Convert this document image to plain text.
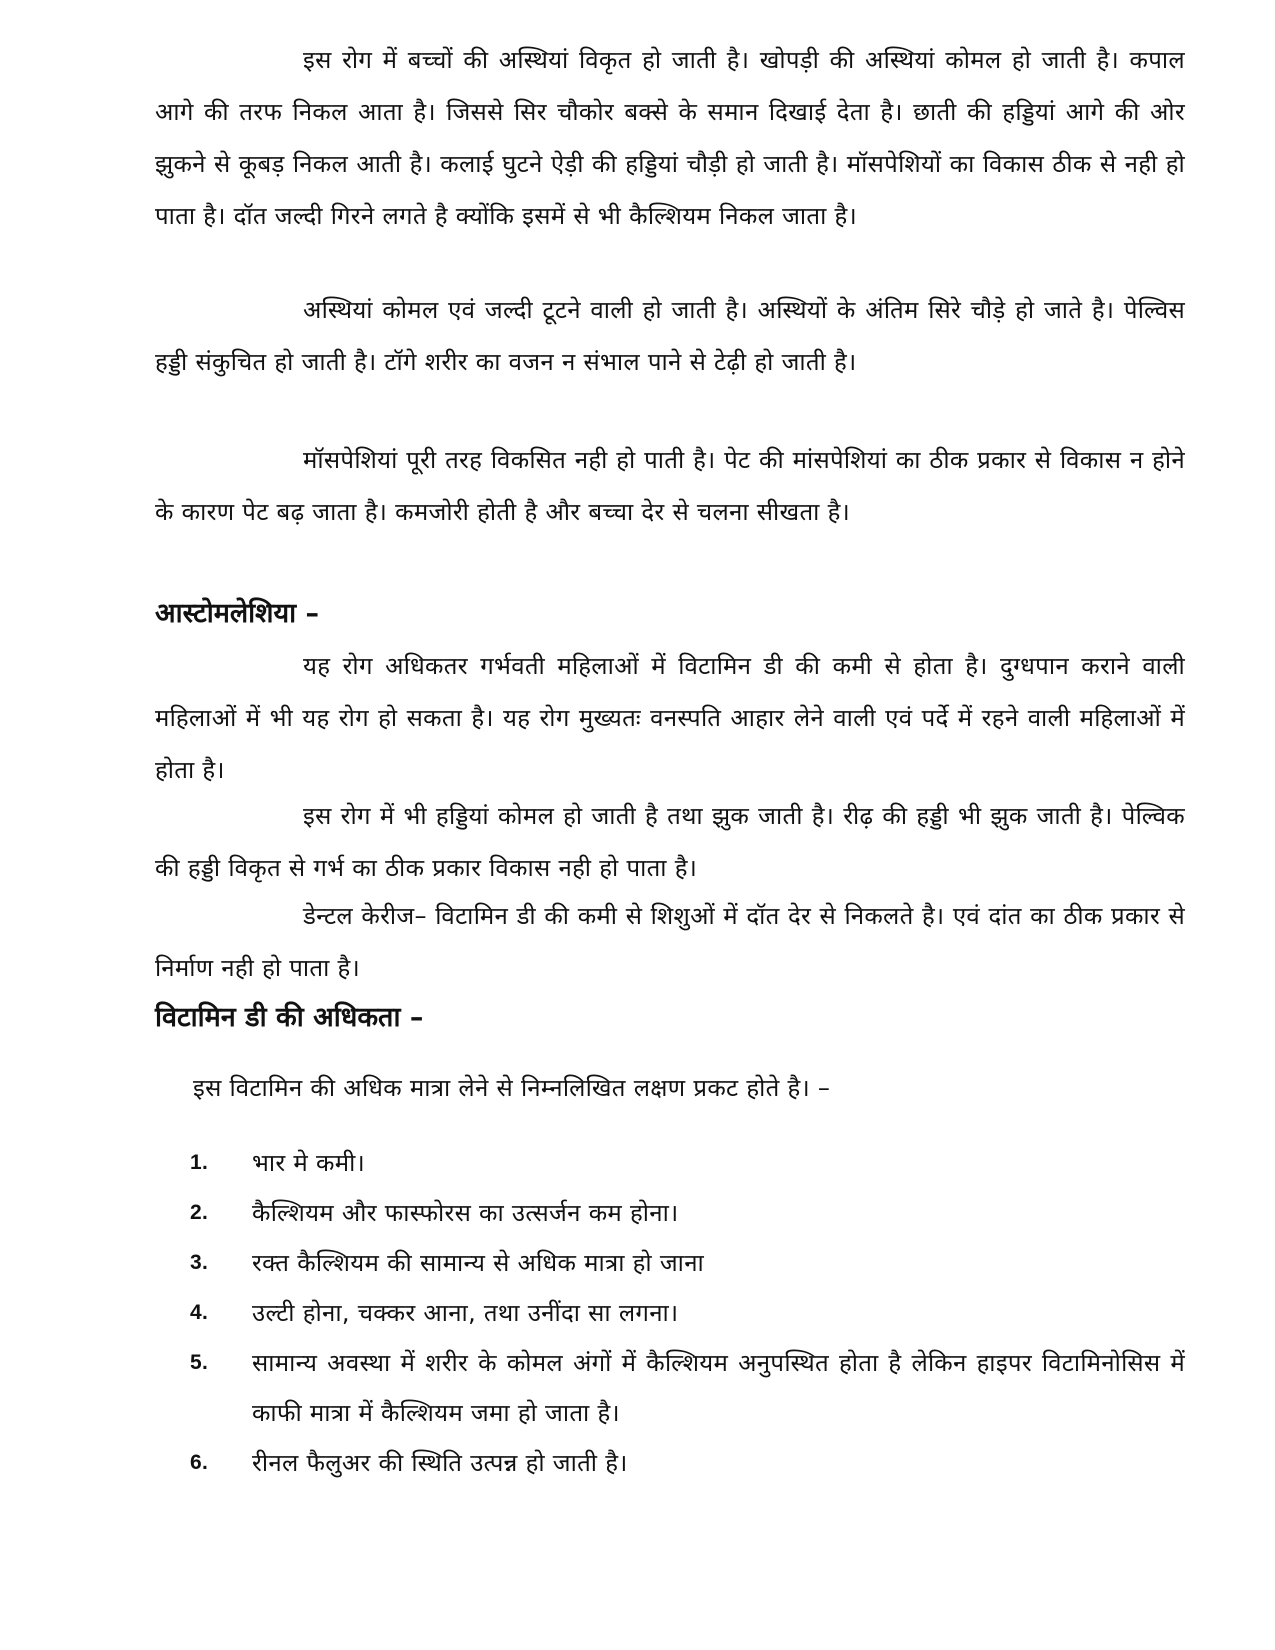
इस रोग में बच्चों की अस्थियां विकृत हो जाती है। खोपड़ी की अस्थियां कोमल हो जाती है। कपाल आगे की तरफ निकल आता है। जिससे सिर चौकोर बक्से के समान दिखाई देता है। छाती की हड्डियां आगे की ओर झुकने से कूबड़ निकल आती है। कलाई घुटने ऐड़ी की हड्डियां चौड़ी हो जाती है। मॉसपेशियों का विकास ठीक से नही हो पाता है। दॉत जल्दी गिरने लगते है क्योंकि इसमें से भी कैल्शियम निकल जाता है।

अस्थियां कोमल एवं जल्दी टूटने वाली हो जाती है। अस्थियों के अंतिम सिरे चौड़े हो जाते है। पेल्विस हड्डी संकुचित हो जाती है। टॉगे शरीर का वजन न संभाल पाने से टेढ़ी हो जाती है।

मॉसपेशियां पूरी तरह विकसित नही हो पाती है। पेट की मांसपेशियां का ठीक प्रकार से विकास न होने के कारण पेट बढ़ जाता है। कमजोरी होती है और बच्चा देर से चलना सीखता है।

आस्टोमलेशिया –

यह रोग अधिकतर गर्भवती महिलाओं में विटामिन डी की कमी से होता है। दुग्धपान कराने वाली महिलाओं में भी यह रोग हो सकता है। यह रोग मुख्यतः वनस्पति आहार लेने वाली एवं पर्दे में रहने वाली महिलाओं में होता है।

इस रोग में भी हड्डियां कोमल हो जाती है तथा झुक जाती है। रीढ़ की हड्डी भी झुक जाती है। पेल्विक की हड्डी विकृत से गर्भ का ठीक प्रकार विकास नही हो पाता है।

डेन्टल केरीज– विटामिन डी की कमी से शिशुओं में दॉत देर से निकलते है। एवं दांत का ठीक प्रकार से निर्माण नही हो पाता है।

विटामिन डी की अधिकता –

इस विटामिन की अधिक मात्रा लेने से निम्नलिखित लक्षण प्रकट होते है। –

1.	भार मे कमी।
2.	कैल्शियम और फास्फोरस का उत्सर्जन कम होना।
3.	रक्त कैल्शियम की सामान्य से अधिक मात्रा हो जाना
4.	उल्टी होना, चक्कर आना, तथा उनींदा सा लगना।
5.	सामान्य अवस्था में शरीर के कोमल अंगों में कैल्शियम अनुपस्थित होता है लेकिन हाइपर विटामिनोसिस में काफी मात्रा में कैल्शियम जमा हो जाता है।
6.	रीनल फैलुअर की स्थिति उत्पन्न हो जाती है।
